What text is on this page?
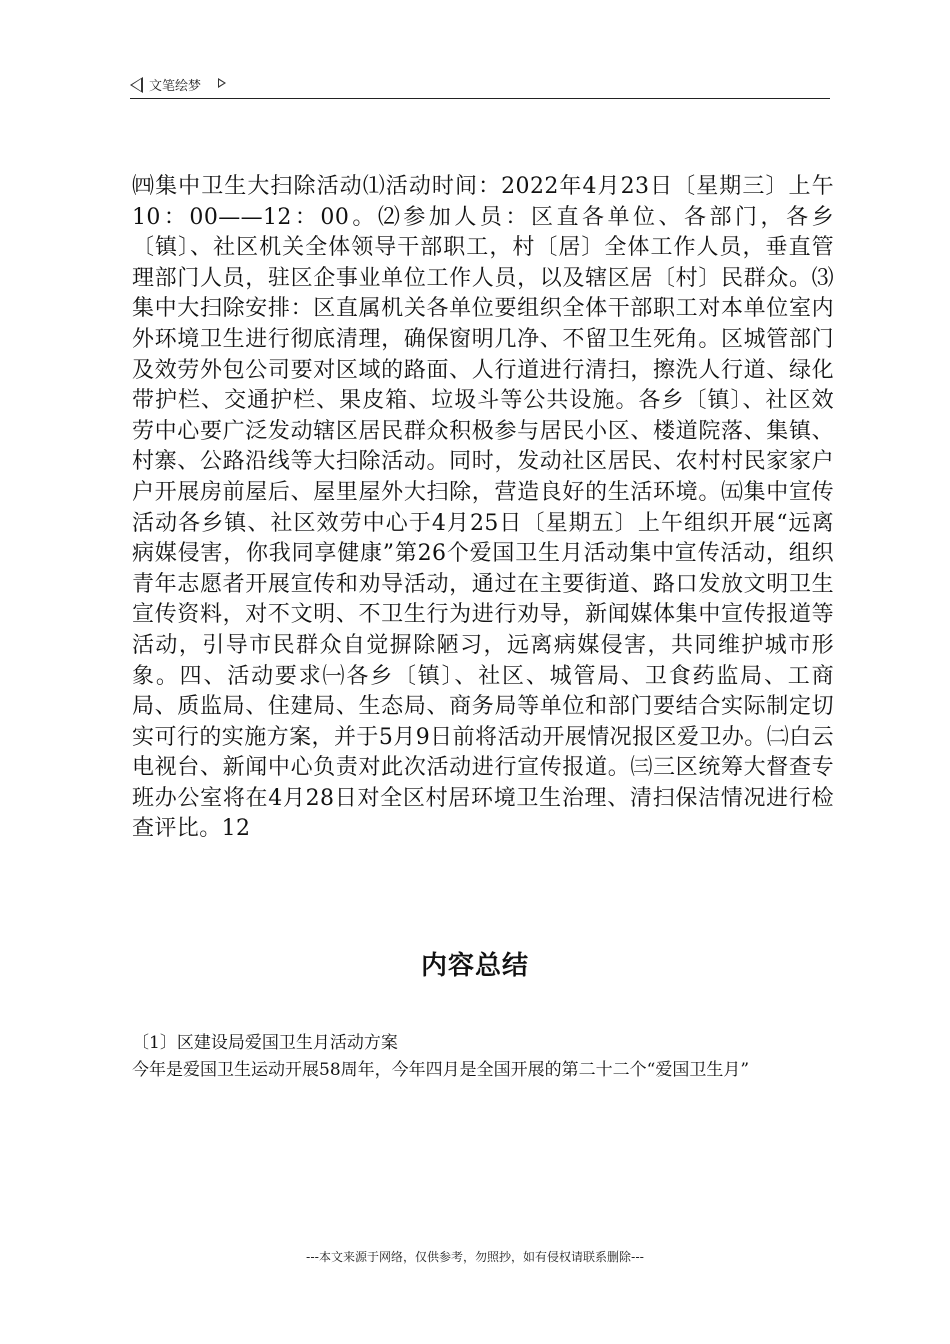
文笔绘梦

㈣集中卫生大扫除活动⑴活动时间：2022年4月23日〔星期三〕上午10：00——12：00。⑵参加人员：区直各单位、各部门，各乡〔镇〕、社区机关全体领导干部职工，村〔居〕全体工作人员，垂直管理部门人员，驻区企事业单位工作人员，以及辖区居〔村〕民群众。⑶集中大扫除安排：区直属机关各单位要组织全体干部职工对本单位室内外环境卫生进行彻底清理，确保窗明几净、不留卫生死角。区城管部门及效劳外包公司要对区域的路面、人行道进行清扫，擦洗人行道、绿化带护栏、交通护栏、果皮箱、垃圾斗等公共设施。各乡〔镇〕、社区效劳中心要广泛发动辖区居民群众积极参与居民小区、楼道院落、集镇、村寨、公路沿线等大扫除活动。同时，发动社区居民、农村村民家家户户开展房前屋后、屋里屋外大扫除，营造良好的生活环境。㈤集中宣传活动各乡镇、社区效劳中心于4月25日〔星期五〕上午组织开展“远离病媒侵害，你我同享健康”第26个爱国卫生月活动集中宣传活动，组织青年志愿者开展宣传和劝导活动，通过在主要街道、路口发放文明卫生宣传资料，对不文明、不卫生行为进行劝导，新闻媒体集中宣传报道等活动，引导市民群众自觉摒除陋习，远离病媒侵害，共同维护城市形象。四、活动要求㈠各乡〔镇〕、社区、城管局、卫食药监局、工商局、质监局、住建局、生态局、商务局等单位和部门要结合实际制定切实可行的实施方案，并于5月9日前将活动开展情况报区爱卫办。㈡白云电视台、新闻中心负责对此次活动进行宣传报道。㈢三区统筹大督查专班办公室将在4月28日对全区村居环境卫生治理、清扫保洁情况进行检查评比。12

内容总结

〔1〕区建设局爱国卫生月活动方案

今年是爱国卫生运动开展58周年，今年四月是全国开展的第二十二个“爱国卫生月”

---本文来源于网络，仅供参考，勿照抄，如有侵权请联系删除---
